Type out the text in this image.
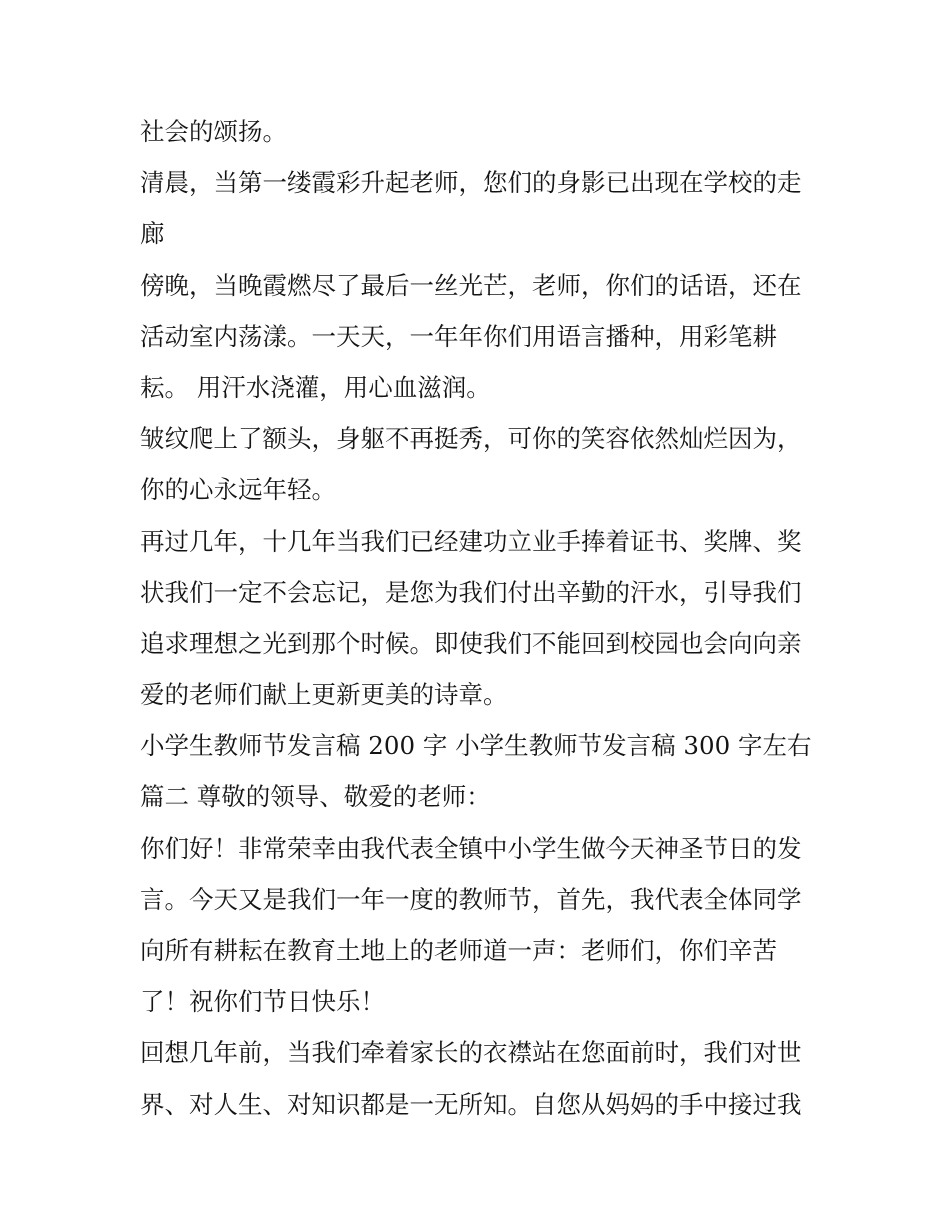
社会的颂扬。
清晨，当第一缕霞彩升起老师，您们的身影已出现在学校的走
廊
傍晚，当晚霞燃尽了最后一丝光芒，老师，你们的话语，还在
活动室内荡漾。一天天，一年年你们用语言播种，用彩笔耕
耘。 用汗水浇灌，用心血滋润。
皱纹爬上了额头，身躯不再挺秀，可你的笑容依然灿烂因为，
你的心永远年轻。
再过几年，十几年当我们已经建功立业手捧着证书、奖牌、奖
状我们一定不会忘记，是您为我们付出辛勤的汗水，引导我们
追求理想之光到那个时候。即使我们不能回到校园也会向向亲
爱的老师们献上更新更美的诗章。
小学生教师节发言稿 200 字 小学生教师节发言稿 300 字左右
篇二 尊敬的领导、敬爱的老师：
你们好！非常荣幸由我代表全镇中小学生做今天神圣节日的发
言。今天又是我们一年一度的教师节，首先，我代表全体同学
向所有耕耘在教育土地上的老师道一声：老师们，你们辛苦
了！祝你们节日快乐！
回想几年前，当我们牵着家长的衣襟站在您面前时，我们对世
界、对人生、对知识都是一无所知。自您从妈妈的手中接过我
